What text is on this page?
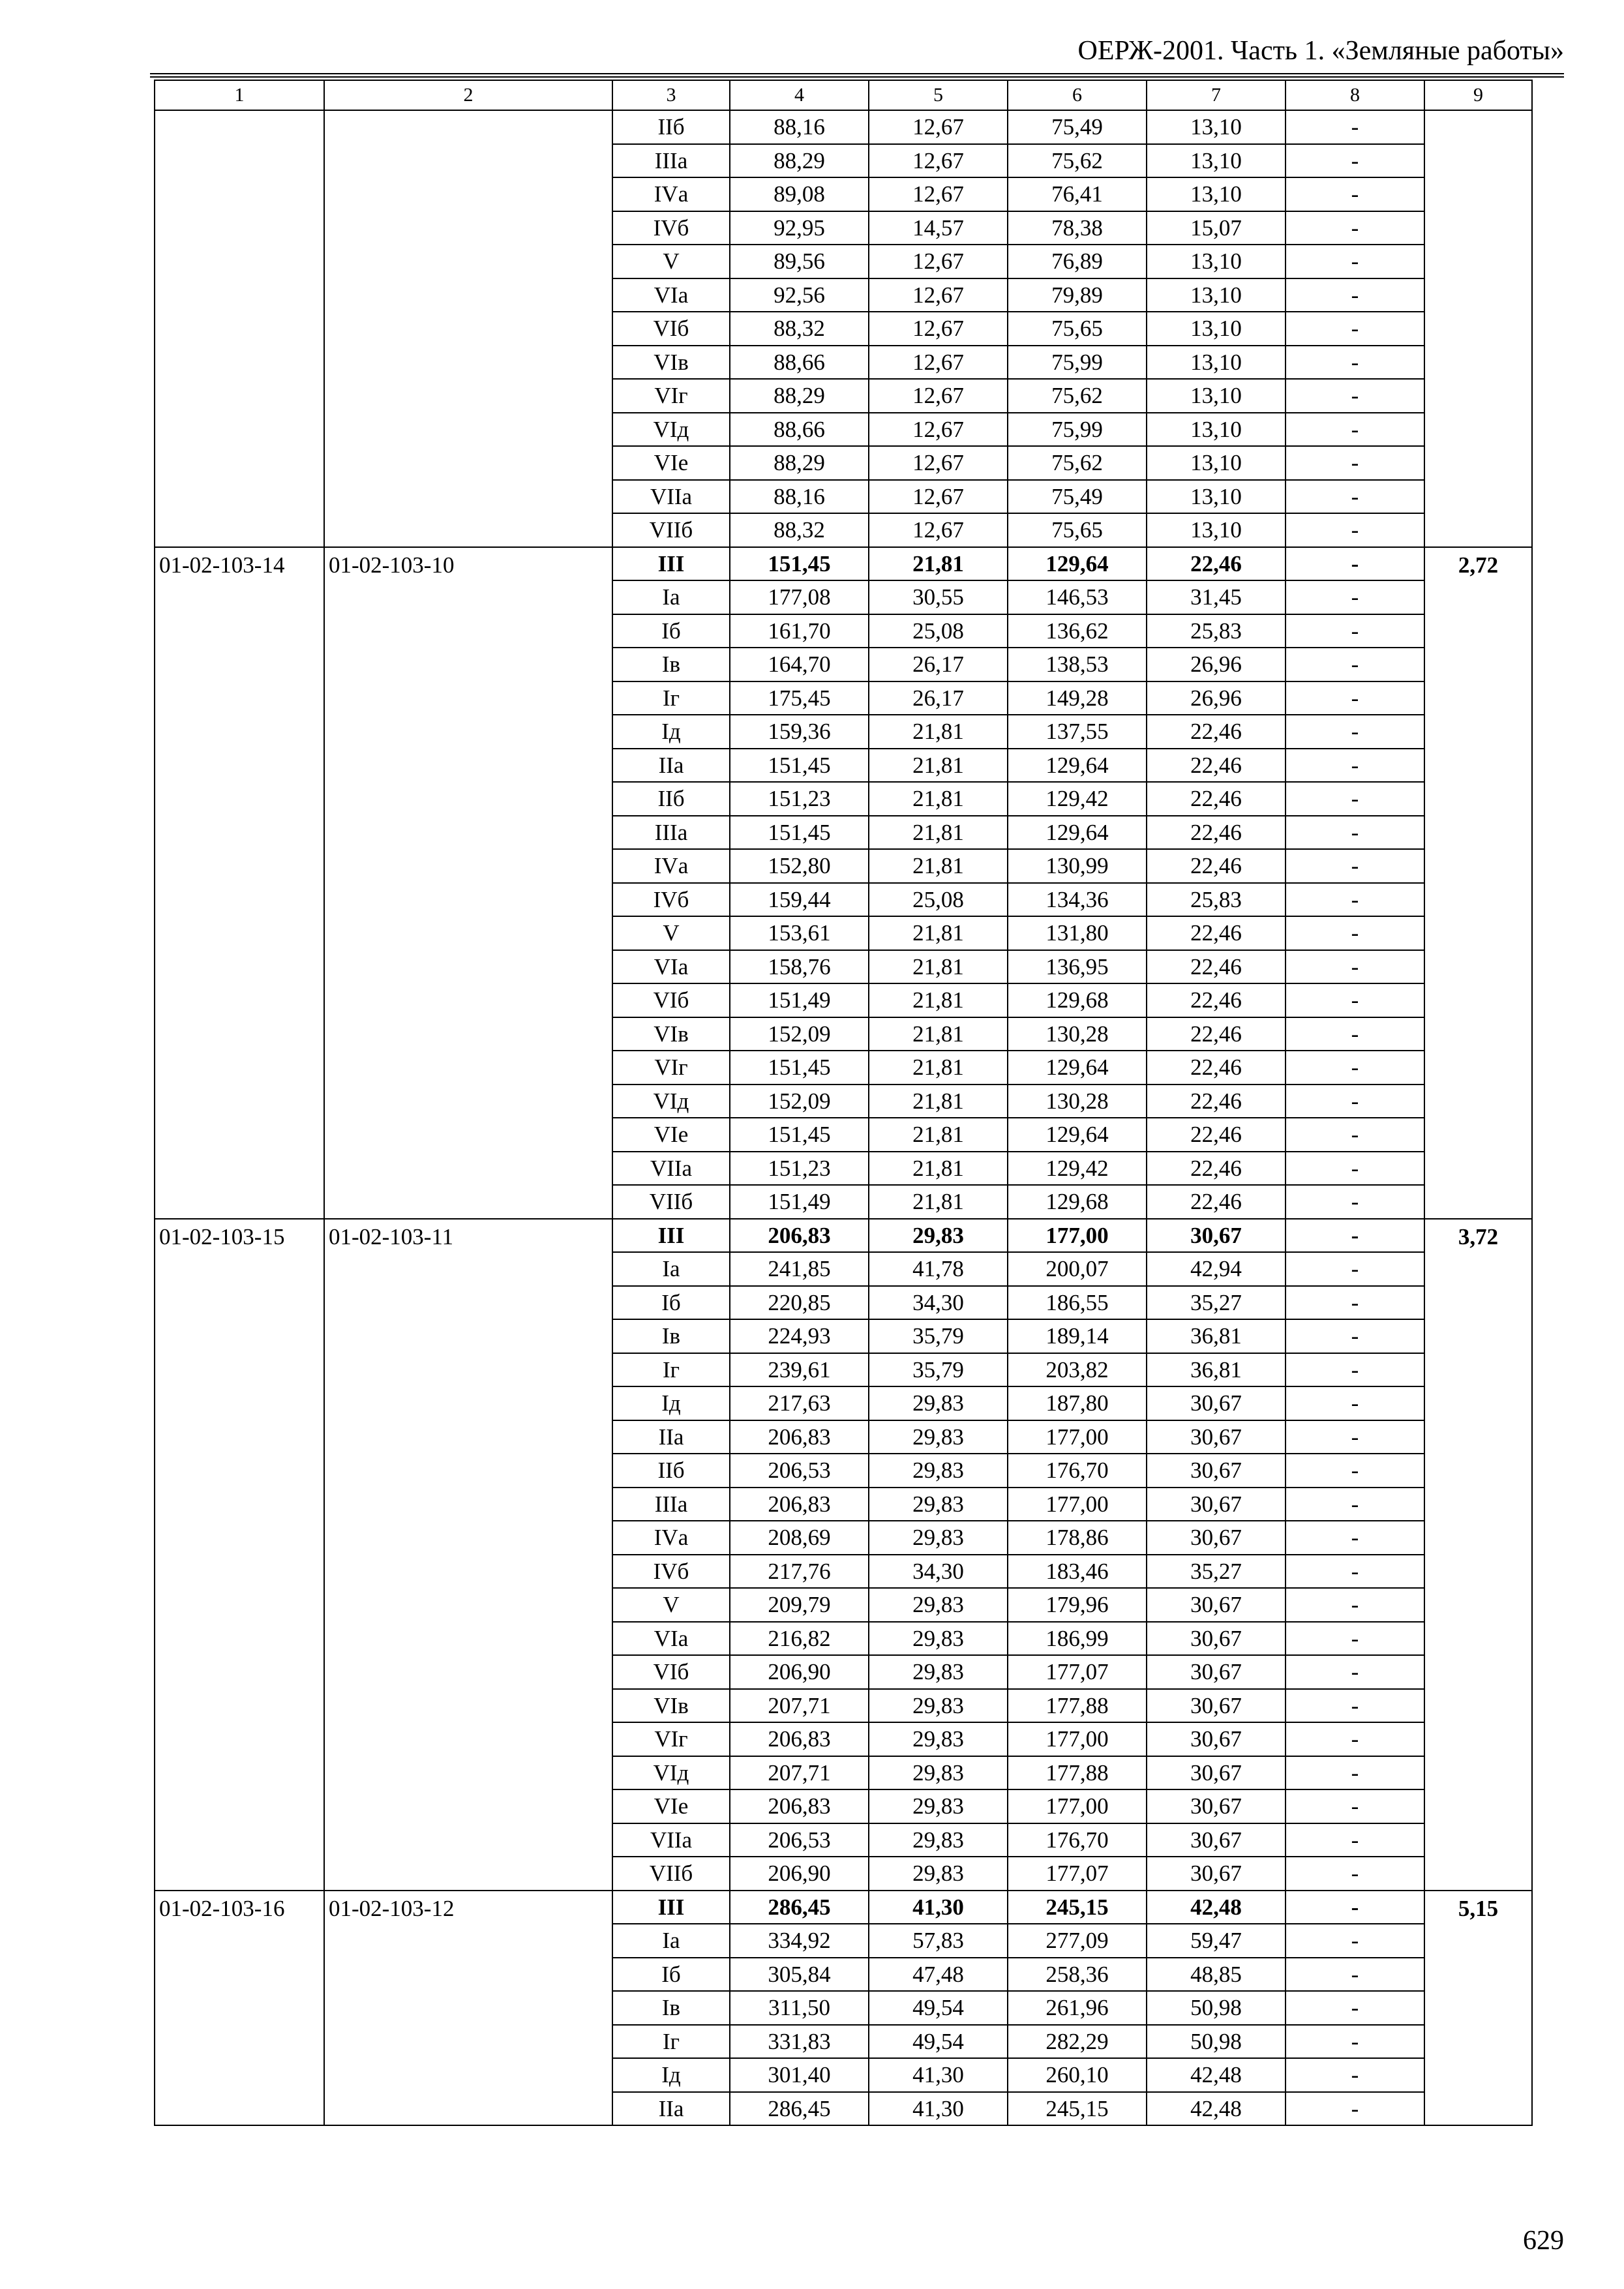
ОЕРЖ-2001. Часть 1. «Земляные работы»
1	2	3	4	5	6	7	8	9
		IIб	88,16	12,67	75,49	13,10	-	
		IIIа	88,29	12,67	75,62	13,10	-	
		IVа	89,08	12,67	76,41	13,10	-	
		IVб	92,95	14,57	78,38	15,07	-	
		V	89,56	12,67	76,89	13,10	-	
		VIа	92,56	12,67	79,89	13,10	-	
		VIб	88,32	12,67	75,65	13,10	-	
		VIв	88,66	12,67	75,99	13,10	-	
		VIг	88,29	12,67	75,62	13,10	-	
		VIд	88,66	12,67	75,99	13,10	-	
		VIе	88,29	12,67	75,62	13,10	-	
		VIIа	88,16	12,67	75,49	13,10	-	
		VIIб	88,32	12,67	75,65	13,10	-	
01-02-103-14	01-02-103-10	III	151,45	21,81	129,64	22,46	-	2,72
		Iа	177,08	30,55	146,53	31,45	-	
		Iб	161,70	25,08	136,62	25,83	-	
		Iв	164,70	26,17	138,53	26,96	-	
		Iг	175,45	26,17	149,28	26,96	-	
		Iд	159,36	21,81	137,55	22,46	-	
		IIа	151,45	21,81	129,64	22,46	-	
		IIб	151,23	21,81	129,42	22,46	-	
		IIIа	151,45	21,81	129,64	22,46	-	
		IVа	152,80	21,81	130,99	22,46	-	
		IVб	159,44	25,08	134,36	25,83	-	
		V	153,61	21,81	131,80	22,46	-	
		VIа	158,76	21,81	136,95	22,46	-	
		VIб	151,49	21,81	129,68	22,46	-	
		VIв	152,09	21,81	130,28	22,46	-	
		VIг	151,45	21,81	129,64	22,46	-	
		VIд	152,09	21,81	130,28	22,46	-	
		VIе	151,45	21,81	129,64	22,46	-	
		VIIа	151,23	21,81	129,42	22,46	-	
		VIIб	151,49	21,81	129,68	22,46	-	
01-02-103-15	01-02-103-11	III	206,83	29,83	177,00	30,67	-	3,72
		Iа	241,85	41,78	200,07	42,94	-	
		Iб	220,85	34,30	186,55	35,27	-	
		Iв	224,93	35,79	189,14	36,81	-	
		Iг	239,61	35,79	203,82	36,81	-	
		Iд	217,63	29,83	187,80	30,67	-	
		IIа	206,83	29,83	177,00	30,67	-	
		IIб	206,53	29,83	176,70	30,67	-	
		IIIа	206,83	29,83	177,00	30,67	-	
		IVа	208,69	29,83	178,86	30,67	-	
		IVб	217,76	34,30	183,46	35,27	-	
		V	209,79	29,83	179,96	30,67	-	
		VIа	216,82	29,83	186,99	30,67	-	
		VIб	206,90	29,83	177,07	30,67	-	
		VIв	207,71	29,83	177,88	30,67	-	
		VIг	206,83	29,83	177,00	30,67	-	
		VIд	207,71	29,83	177,88	30,67	-	
		VIе	206,83	29,83	177,00	30,67	-	
		VIIа	206,53	29,83	176,70	30,67	-	
		VIIб	206,90	29,83	177,07	30,67	-	
01-02-103-16	01-02-103-12	III	286,45	41,30	245,15	42,48	-	5,15
		Iа	334,92	57,83	277,09	59,47	-	
		Iб	305,84	47,48	258,36	48,85	-	
		Iв	311,50	49,54	261,96	50,98	-	
		Iг	331,83	49,54	282,29	50,98	-	
		Iд	301,40	41,30	260,10	42,48	-	
		IIа	286,45	41,30	245,15	42,48	-	
629
